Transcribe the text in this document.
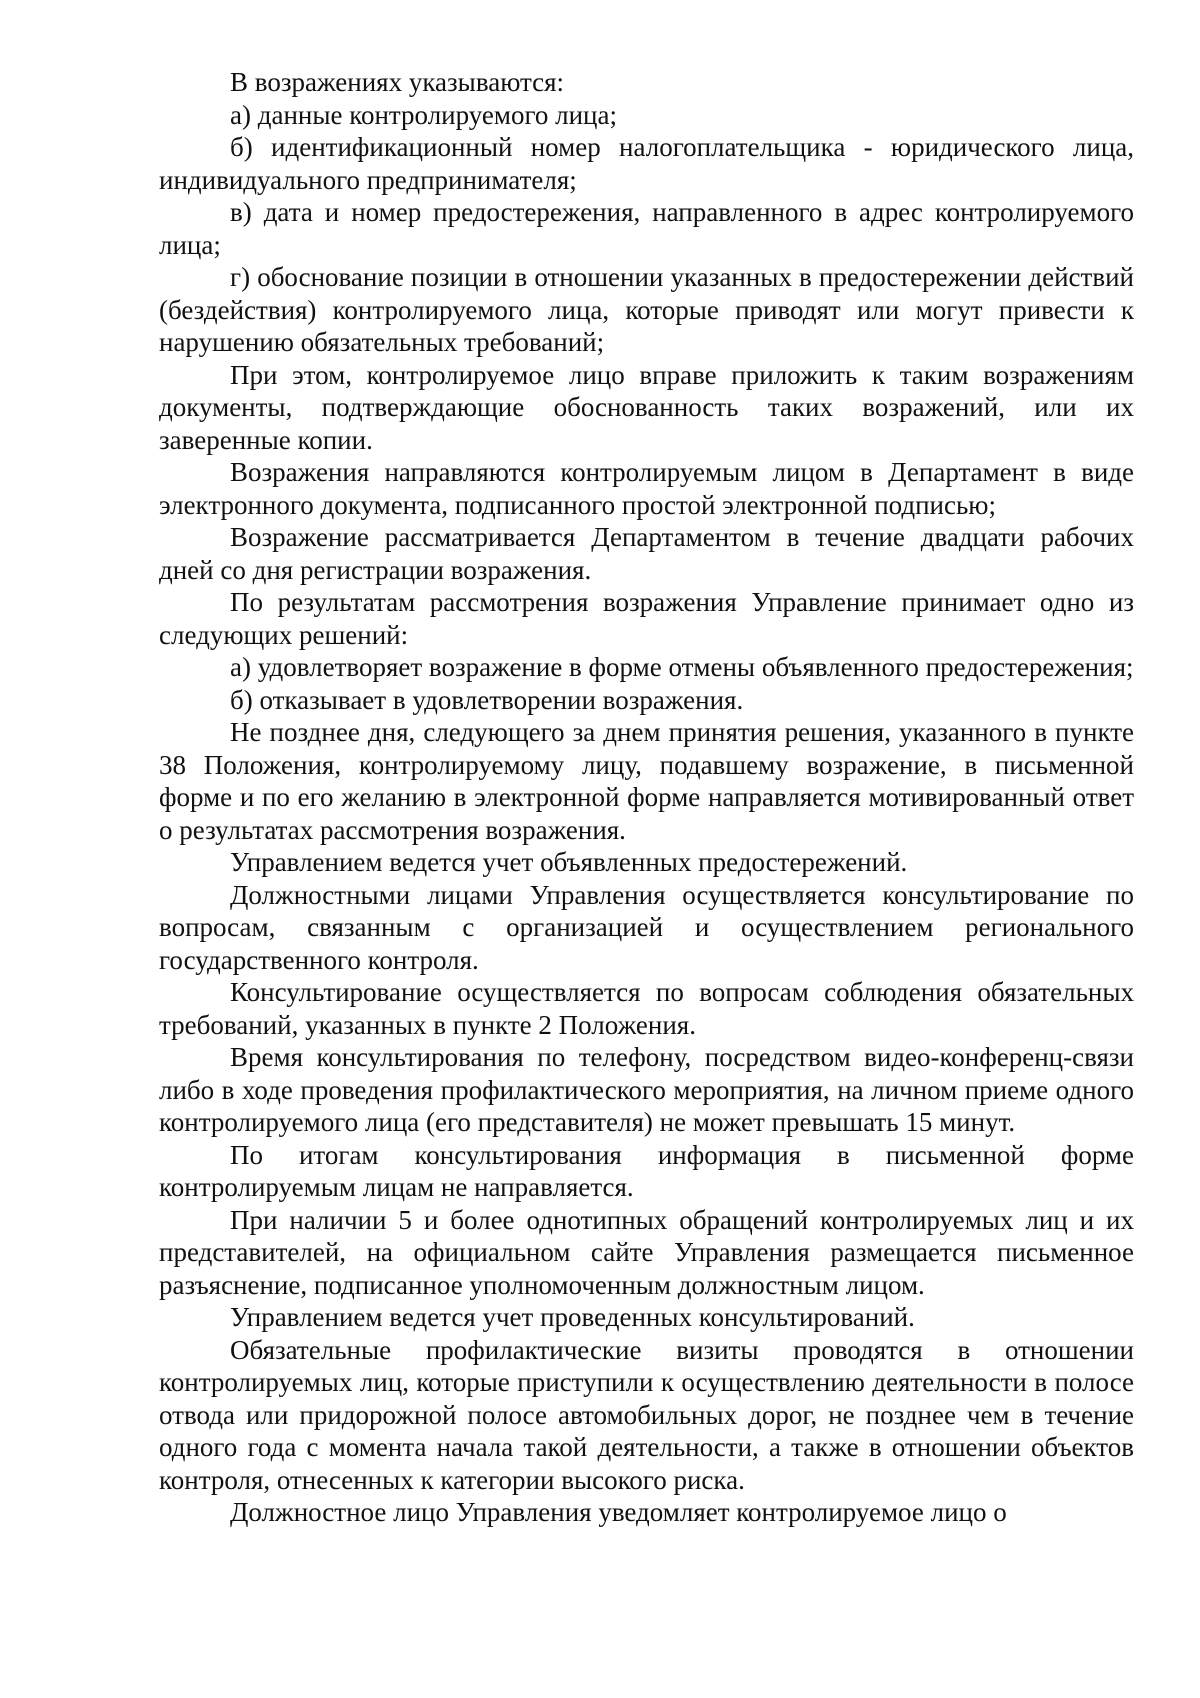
В возражениях указываются:

а) данные контролируемого лица;

б) идентификационный номер налогоплательщика - юридического лица, индивидуального предпринимателя;

в) дата и номер предостережения, направленного в адрес контролируемого лица;

г) обоснование позиции в отношении указанных в предостережении действий (бездействия) контролируемого лица, которые приводят или могут привести к нарушению обязательных требований;

При этом, контролируемое лицо вправе приложить к таким возражениям документы, подтверждающие обоснованность таких возражений, или их заверенные копии.

Возражения направляются контролируемым лицом в Департамент в виде электронного документа, подписанного простой электронной подписью;

Возражение рассматривается Департаментом в течение двадцати рабочих дней со дня регистрации возражения.

По результатам рассмотрения возражения Управление принимает одно из следующих решений:

а) удовлетворяет возражение в форме отмены объявленного предостережения;

б) отказывает в удовлетворении возражения.

Не позднее дня, следующего за днем принятия решения, указанного в пункте 38 Положения, контролируемому лицу, подавшему возражение, в письменной форме и по его желанию в электронной форме направляется мотивированный ответ о результатах рассмотрения возражения.

Управлением ведется учет объявленных предостережений.

Должностными лицами Управления осуществляется консультирование по вопросам, связанным с организацией и осуществлением регионального государственного контроля.

Консультирование осуществляется по вопросам соблюдения обязательных требований, указанных в пункте 2 Положения.

Время консультирования по телефону, посредством видео-конференц-связи либо в ходе проведения профилактического мероприятия, на личном приеме одного контролируемого лица (его представителя) не может превышать 15 минут.

По итогам консультирования информация в письменной форме контролируемым лицам не направляется.

При наличии 5 и более однотипных обращений контролируемых лиц и их представителей, на официальном сайте Управления размещается письменное разъяснение, подписанное уполномоченным должностным лицом.

Управлением ведется учет проведенных консультирований.

Обязательные профилактические визиты проводятся в отношении контролируемых лиц, которые приступили к осуществлению деятельности в полосе отвода или придорожной полосе автомобильных дорог, не позднее чем в течение одного года с момента начала такой деятельности, а также в отношении объектов контроля, отнесенных к категории высокого риска.

Должностное лицо Управления уведомляет контролируемое лицо о
